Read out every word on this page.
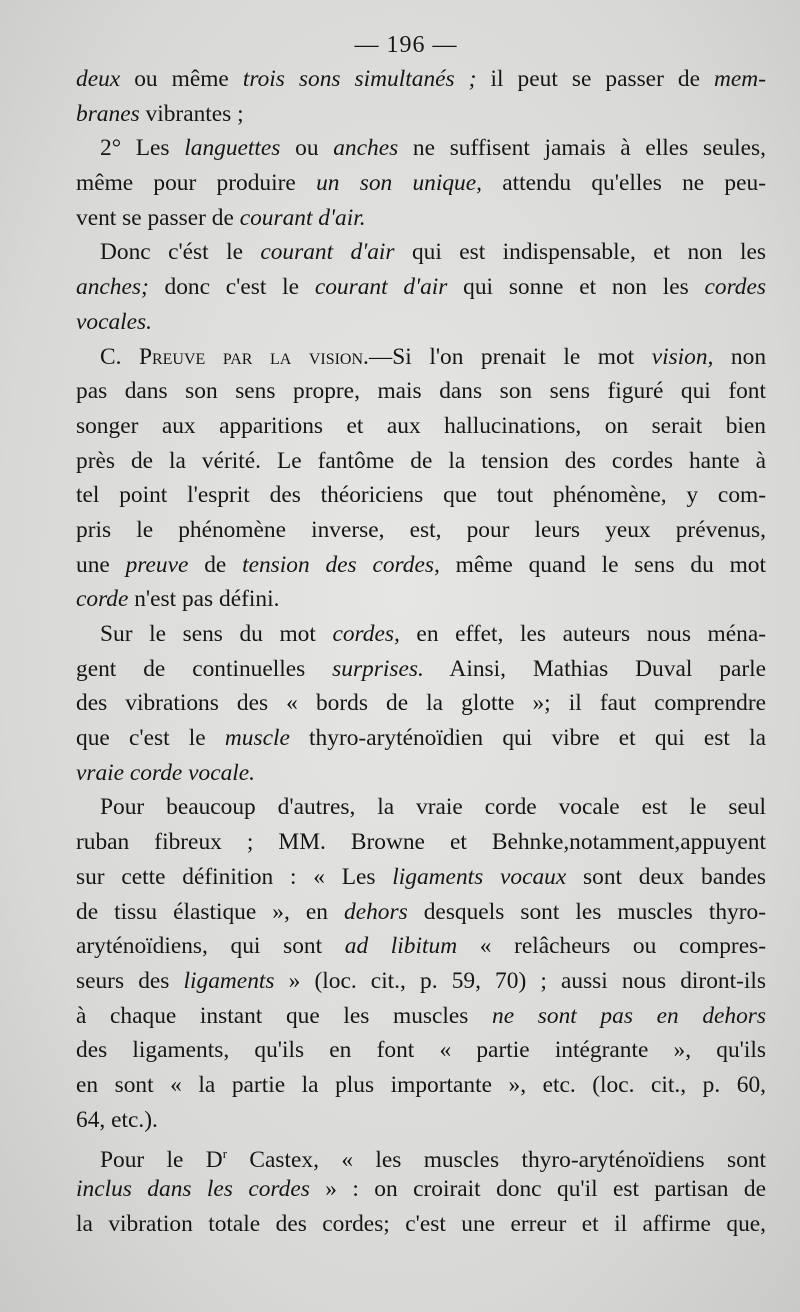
— 196 —
deux ou même trois sons simultanés ; il peut se passer de mem-
branes vibrantes ;
2° Les languettes ou anches ne suffisent jamais à elles seules,
même pour produire un son unique, attendu qu'elles ne peu-
vent se passer de courant d'air.
Donc c'ést le courant d'air qui est indispensable, et non les
anches; donc c'est le courant d'air qui sonne et non les cordes
vocales.
C. Preuve par la vision.—Si l'on prenait le mot vision, non
pas dans son sens propre, mais dans son sens figuré qui font
songer aux apparitions et aux hallucinations, on serait bien
près de la vérité. Le fantôme de la tension des cordes hante à
tel point l'esprit des théoriciens que tout phénomène, y com-
pris le phénomène inverse, est, pour leurs yeux prévenus,
une preuve de tension des cordes, même quand le sens du mot
corde n'est pas défini.
Sur le sens du mot cordes, en effet, les auteurs nous ména-
gent de continuelles surprises. Ainsi, Mathias Duval parle
des vibrations des « bords de la glotte »; il faut comprendre
que c'est le muscle thyro-aryténoïdien qui vibre et qui est la
vraie corde vocale.
Pour beaucoup d'autres, la vraie corde vocale est le seul
ruban fibreux ; MM. Browne et Behnke,notamment,appuyent
sur cette définition : « Les ligaments vocaux sont deux bandes
de tissu élastique », en dehors desquels sont les muscles thyro-
aryténoïdiens, qui sont ad libitum « relâcheurs ou compres-
seurs des ligaments » (loc. cit., p. 59, 70) ; aussi nous diront-ils
à chaque instant que les muscles ne sont pas en dehors
des ligaments, qu'ils en font « partie intégrante », qu'ils
en sont « la partie la plus importante », etc. (loc. cit., p. 60,
64, etc.).
Pour le $D^r$ Castex, « les muscles thyro-aryténoïdiens sont
inclus dans les cordes » : on croirait donc qu'il est partisan de
la vibration totale des cordes; c'est une erreur et il affirme que,
